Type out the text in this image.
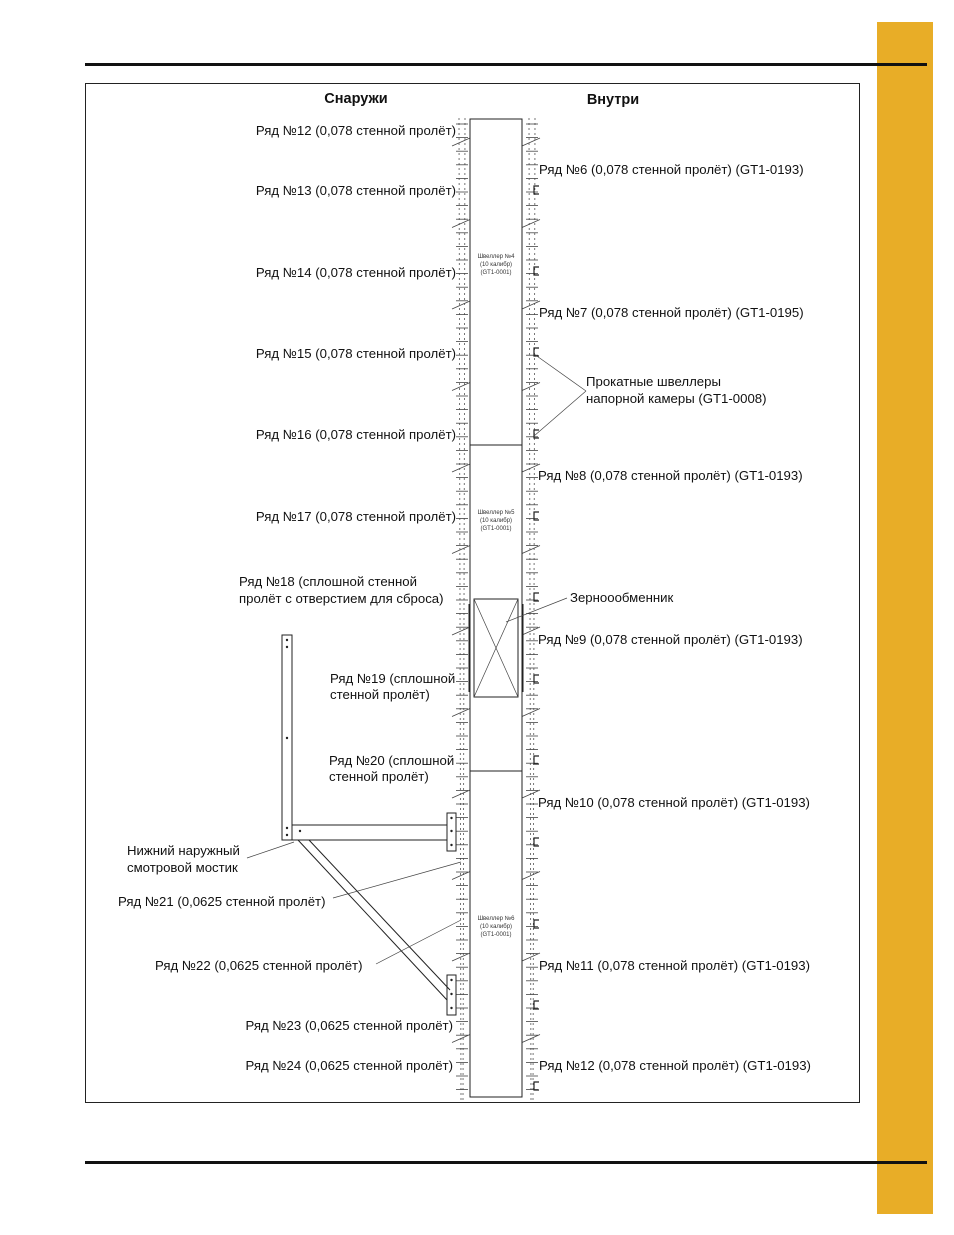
Снаружи	Внутри
Швеллер №4
(10 калибр)
(GT1-0001)
Швеллер №5
(10 калибр)
(GT1-0001)
Швеллер №6
(10 калибр)
(GT1-0001)
Ряд №12 (0,078 стенной пролёт)
Ряд №13 (0,078 стенной пролёт)
Ряд №14 (0,078 стенной пролёт)
Ряд №15 (0,078 стенной пролёт)
Ряд №16 (0,078 стенной пролёт)
Ряд №17 (0,078 стенной пролёт)
Ряд №18 (сплошной стенной
пролёт с отверстием для сброса)
Ряд №19 (сплошной
стенной пролёт)
Ряд №20 (сплошной
стенной пролёт)
Нижний наружный
смотровой мостик
Ряд №21 (0,0625 стенной пролёт)
Ряд №22 (0,0625 стенной пролёт)
Ряд №23 (0,0625 стенной пролёт)
Ряд №24 (0,0625 стенной пролёт)
Ряд №6 (0,078 стенной пролёт) (GT1-0193)
Ряд №7 (0,078 стенной пролёт) (GT1-0195)
Прокатные швеллеры
напорной камеры (GT1-0008)
Ряд №8 (0,078 стенной пролёт) (GT1-0193)
Зерноообменник
Ряд №9 (0,078 стенной пролёт) (GT1-0193)
Ряд №10 (0,078 стенной пролёт) (GT1-0193)
Ряд №11 (0,078 стенной пролёт) (GT1-0193)
Ряд №12 (0,078 стенной пролёт) (GT1-0193)
